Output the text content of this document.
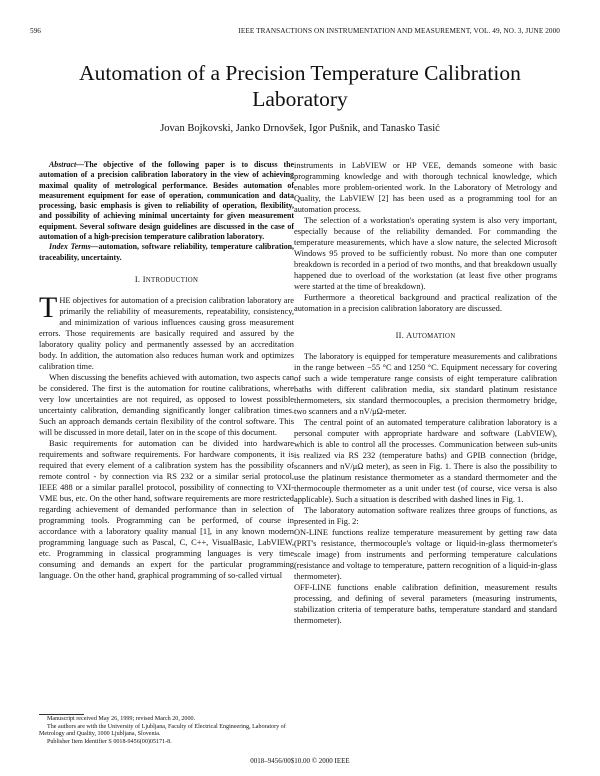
596	IEEE TRANSACTIONS ON INSTRUMENTATION AND MEASUREMENT, VOL. 49, NO. 3, JUNE 2000
Automation of a Precision Temperature Calibration
Laboratory
Jovan Bojkovski, Janko Drnovšek, Igor Pušnik, and Tanasko Tasić

Abstract—The objective of the following paper is to discuss the automation of a precision calibration laboratory in the view of achieving maximal quality of metrological performance. Besides automation of measurement equipment for ease of operation, communication and data processing, basic emphasis is given to reliability of operation, flexibility, and possibility of achieving minimal uncertainty for given measurement equipment. Several software design guidelines are discussed in the case of automation of a high-precision temperature calibration laboratory.

Index Terms—automation, software reliability, temperature calibration, traceability, uncertainty.

I. INTRODUCTION

THE objectives for automation of a precision calibration laboratory are primarily the reliability of measurements, repeatability, consistency, and minimization of various influences causing gross measurement errors. Those requirements are basically required and assured by the laboratory quality policy and permanently assessed by an accreditation body. In addition, the automation also reduces human work and optimizes calibration time.

When discussing the benefits achieved with automation, two aspects can be considered. The first is the automation for routine calibrations, where very low uncertainties are not required, as opposed to lowest possible uncertainty calibration, demanding significantly longer calibration times. Such an approach demands certain flexibility of the control software. This will be discussed in more detail, later on in the scope of this document.

Basic requirements for automation can be divided into hardware requirements and software requirements. For hardware components, it is required that every element of a calibration system has the possibility of remote control - by connection via RS 232 or a similar serial protocol, IEEE 488 or a similar parallel protocol, possibility of connecting to VXI-VME bus, etc. On the other hand, software requirements are more restricted regarding achievement of demanded performance than in selection of programming tools. Programming can be performed, of course in accordance with a laboratory quality manual [1], in any known modern programming language such as Pascal, C, C++, VisualBasic, LabVIEW, etc. Programming in classical programming languages is very time consuming and demands an expert for the particular programming language. On the other hand, graphical programming of so-called virtual

instruments in LabVIEW or HP VEE, demands someone with basic programming knowledge and with thorough technical knowledge, which enables more problem-oriented work. In the Laboratory of Metrology and Quality, the LabVIEW [2] has been used as a programming tool for an automation process.

The selection of a workstation's operating system is also very important, especially because of the reliability demanded. For commanding the temperature measurements, which have a slow nature, the selected Microsoft Windows 95 proved to be sufficiently robust. No more than one computer breakdown is recorded in a period of two months, and that breakdown usually happened due to overload of the workstation (at least five other programs were started at the time of breakdown).

Furthermore a theoretical background and practical realization of the automation in a precision calibration laboratory are discussed.

II. AUTOMATION

The laboratory is equipped for temperature measurements and calibrations in the range between −55 °C and 1250 °C. Equipment necessary for covering of such a wide temperature range consists of eight temperature calibration baths with different calibration media, six standard platinum resistance thermometers, six standard thermocouples, a precision thermometry bridge, two scanners and a nV/μΩ-meter.

The central point of an automated temperature calibration laboratory is a personal computer with appropriate hardware and software (LabVIEW), which is able to control all the processes. Communication between sub-units is realized via RS 232 (temperature baths) and GPIB connection (bridge, scanners and nV/μΩ meter), as seen in Fig. 1. There is also the possibility to use the platinum resistance thermometer as a standard thermometer and the thermocouple thermometer as a unit under test (of course, vice versa is also applicable). Such a situation is described with dashed lines in Fig. 1.

The laboratory automation software realizes three groups of functions, as presented in Fig. 2:

ON-LINE functions realize temperature measurement by getting raw data (PRT's resistance, thermocouple's voltage or liquid-in-glass thermometer's scale image) from instruments and performing temperature calculations (resistance and voltage to temperature, pattern recognition of a liquid-in-glass thermometer).

OFF-LINE functions enable calibration definition, measurement results processing, and defining of several parameters (measuring instruments, stabilization criteria of temperature baths, temperature standard and standard thermometer).

Manuscript received May 26, 1999; revised March 20, 2000.

The authors are with the University of Ljubljana, Faculty of Electrical Engineering, Laboratory of Metrology and Quality, 1000 Ljubljana, Slovenia.

Publisher Item Identifier S 0018-9456(00)05171-8.

0018–9456/00$10.00 © 2000 IEEE
